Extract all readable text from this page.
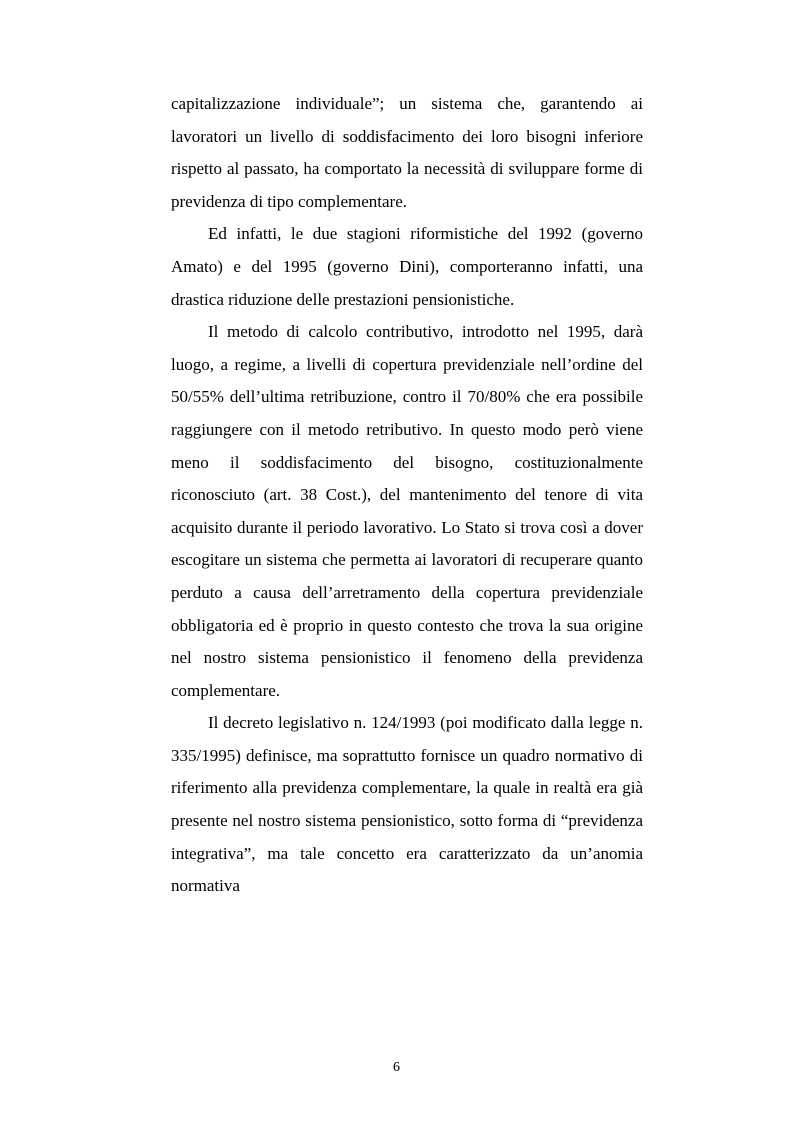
capitalizzazione individuale”; un sistema che, garantendo ai lavoratori un livello di soddisfacimento dei loro bisogni inferiore rispetto al passato, ha comportato la necessità di sviluppare forme di previdenza di tipo complementare.

Ed infatti, le due stagioni riformistiche del 1992 (governo Amato) e del 1995 (governo Dini), comporteranno infatti, una drastica riduzione delle prestazioni pensionistiche.

Il metodo di calcolo contributivo, introdotto nel 1995, darà luogo, a regime, a livelli di copertura previdenziale nell’ordine del 50/55% dell’ultima retribuzione, contro il 70/80% che era possibile raggiungere con il metodo retributivo. In questo modo però viene meno il soddisfacimento del bisogno, costituzionalmente riconosciuto (art. 38 Cost.), del mantenimento del tenore di vita acquisito durante il periodo lavorativo. Lo Stato si trova così a dover escogitare un sistema che permetta ai lavoratori di recuperare quanto perduto a causa dell’arretramento della copertura previdenziale obbligatoria ed è proprio in questo contesto che trova la sua origine nel nostro sistema pensionistico il fenomeno della previdenza complementare.

Il decreto legislativo n. 124/1993 (poi modificato dalla legge n. 335/1995) definisce, ma soprattutto fornisce un quadro normativo di riferimento alla previdenza complementare, la quale in realtà era già presente nel nostro sistema pensionistico, sotto forma di “previdenza integrativa”, ma tale concetto era caratterizzato da un’anomia normativa

6
